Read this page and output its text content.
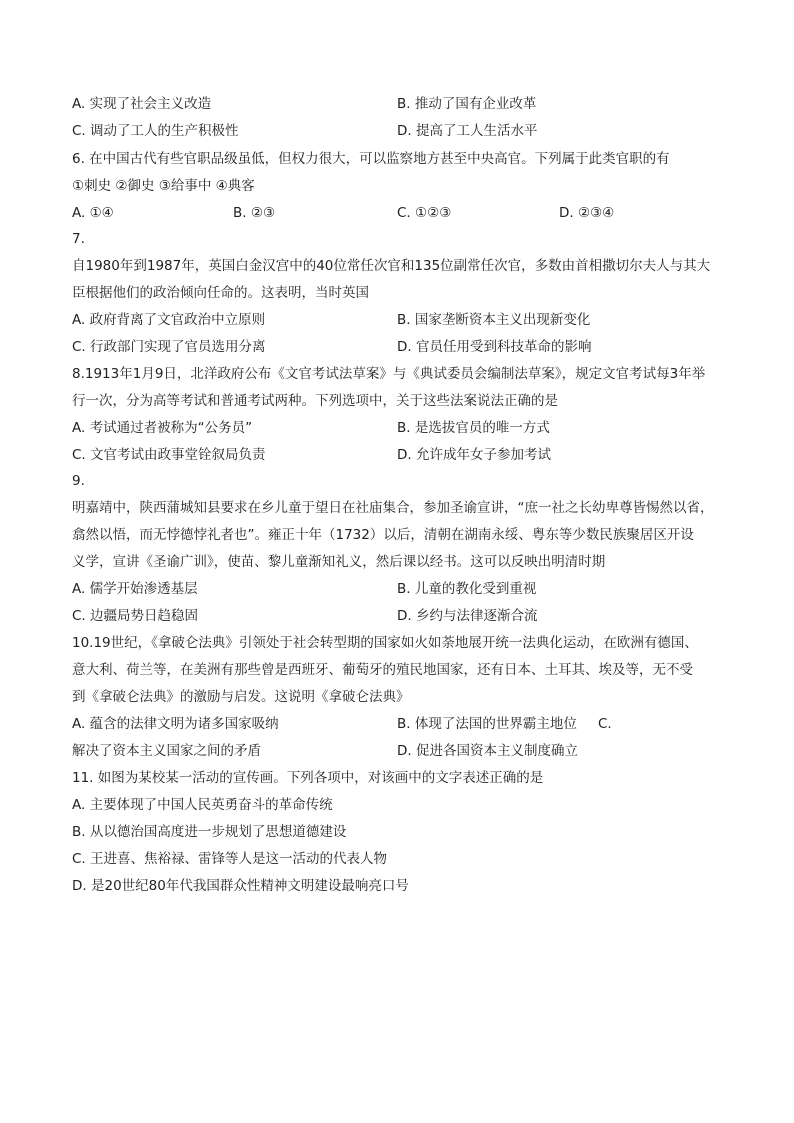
A. 实现了社会主义改造	B. 推动了国有企业改革
C. 调动了工人的生产积极性	D. 提高了工人生活水平
6. 在中国古代有些官职品级虽低，但权力很大，可以监察地方甚至中央高官。下列属于此类官职的有
①刺史 ②御史 ③给事中 ④典客
A. ①④	B. ②③	C. ①②③	D. ②③④
7.
自1980年到1987年，英国白金汉宫中的40位常任次官和135位副常任次官，多数由首相撒切尔夫人与其大
臣根据他们的政治倾向任命的。这表明，当时英国
A. 政府背离了文官政治中立原则	B. 国家垄断资本主义出现新变化
C. 行政部门实现了官员选用分离	D. 官员任用受到科技革命的影响
8.1913年1月9日，北洋政府公布《文官考试法草案》与《典试委员会编制法草案》，规定文官考试每3年举
行一次，分为高等考试和普通考试两种。下列选项中，关于这些法案说法正确的是
A. 考试通过者被称为“公务员”	B. 是选拔官员的唯一方式
C. 文官考试由政事堂铨叙局负责	D. 允许成年女子参加考试
9.
明嘉靖中，陕西蒲城知县要求在乡儿童于望日在社庙集合，参加圣谕宣讲，“庶一社之长幼卑尊皆惕然以省，
翕然以悟，而无悖德悖礼者也”。雍正十年（1732）以后，清朝在湖南永绥、粤东等少数民族聚居区开设
义学，宣讲《圣谕广训》，使苗、黎儿童渐知礼义，然后课以经书。这可以反映出明清时期
A. 儒学开始渗透基层	B. 儿童的教化受到重视
C. 边疆局势日趋稳固	D. 乡约与法律逐渐合流
10.19世纪，《拿破仑法典》引领处于社会转型期的国家如火如荼地展开统一法典化运动，在欧洲有德国、
意大利、荷兰等，在美洲有那些曾是西班牙、葡萄牙的殖民地国家，还有日本、土耳其、埃及等，无不受
到《拿破仑法典》的激励与启发。这说明《拿破仑法典》
A. 蕴含的法律文明为诸多国家吸纳	B. 体现了法国的世界霸主地位 C.
解决了资本主义国家之间的矛盾	D. 促进各国资本主义制度确立
11. 如图为某校某一活动的宣传画。下列各项中，对该画中的文字表述正确的是
A. 主要体现了中国人民英勇奋斗的革命传统
B. 从以德治国高度进一步规划了思想道德建设
C. 王进喜、焦裕禄、雷锋等人是这一活动的代表人物
D. 是20世纪80年代我国群众性精神文明建设最响亮口号
